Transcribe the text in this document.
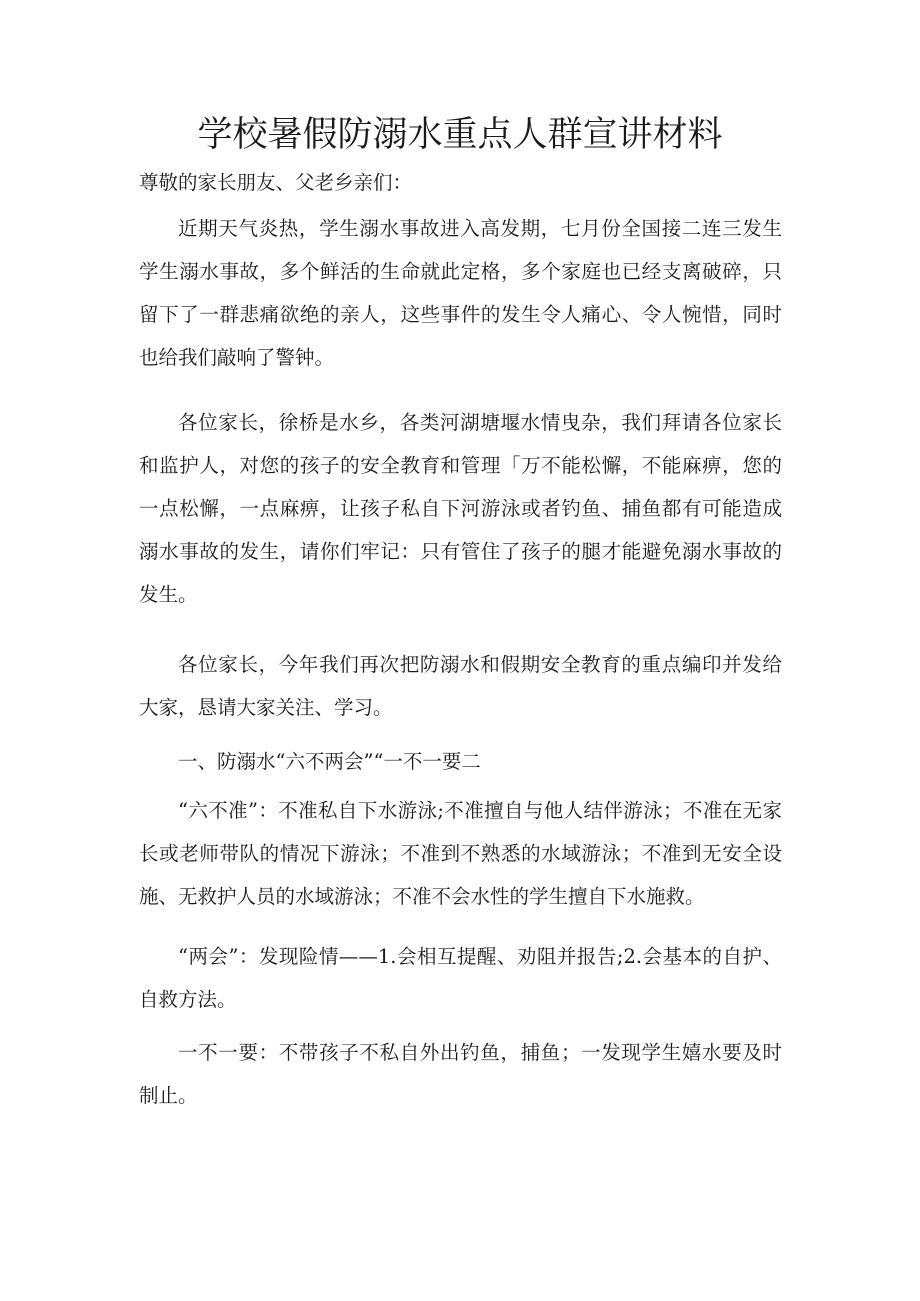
学校暑假防溺水重点人群宣讲材料

尊敬的家长朋友、父老乡亲们：

近期天气炎热，学生溺水事故进入高发期，七月份全国接二连三发生学生溺水事故，多个鲜活的生命就此定格，多个家庭也已经支离破碎，只留下了一群悲痛欲绝的亲人，这些事件的发生令人痛心、令人惋惜，同时也给我们敲响了警钟。

各位家长，徐桥是水乡，各类河湖塘堰水情曳杂，我们拜请各位家长和监护人，对您的孩子的安全教育和管理「万不能松懈，不能麻痹，您的一点松懈，一点麻痹，让孩子私自下河游泳或者钓鱼、捕鱼都有可能造成溺水事故的发生，请你们牢记：只有管住了孩子的腿才能避免溺水事故的发生。

各位家长，今年我们再次把防溺水和假期安全教育的重点编印并发给大家，恳请大家关注、学习。

一、防溺水“六不两会”“一不一要二

“六不准”：不准私自下水游泳;不准擅自与他人结伴游泳；不准在无家长或老师带队的情况下游泳；不准到不熟悉的水域游泳；不准到无安全设施、无救护人员的水域游泳；不准不会水性的学生擅自下水施救。

“两会”：发现险情——1.会相互提醒、劝阻并报告;2.会基本的自护、自救方法。

一不一要：不带孩子不私自外出钓鱼，捕鱼；一发现学生嬉水要及时制止。
